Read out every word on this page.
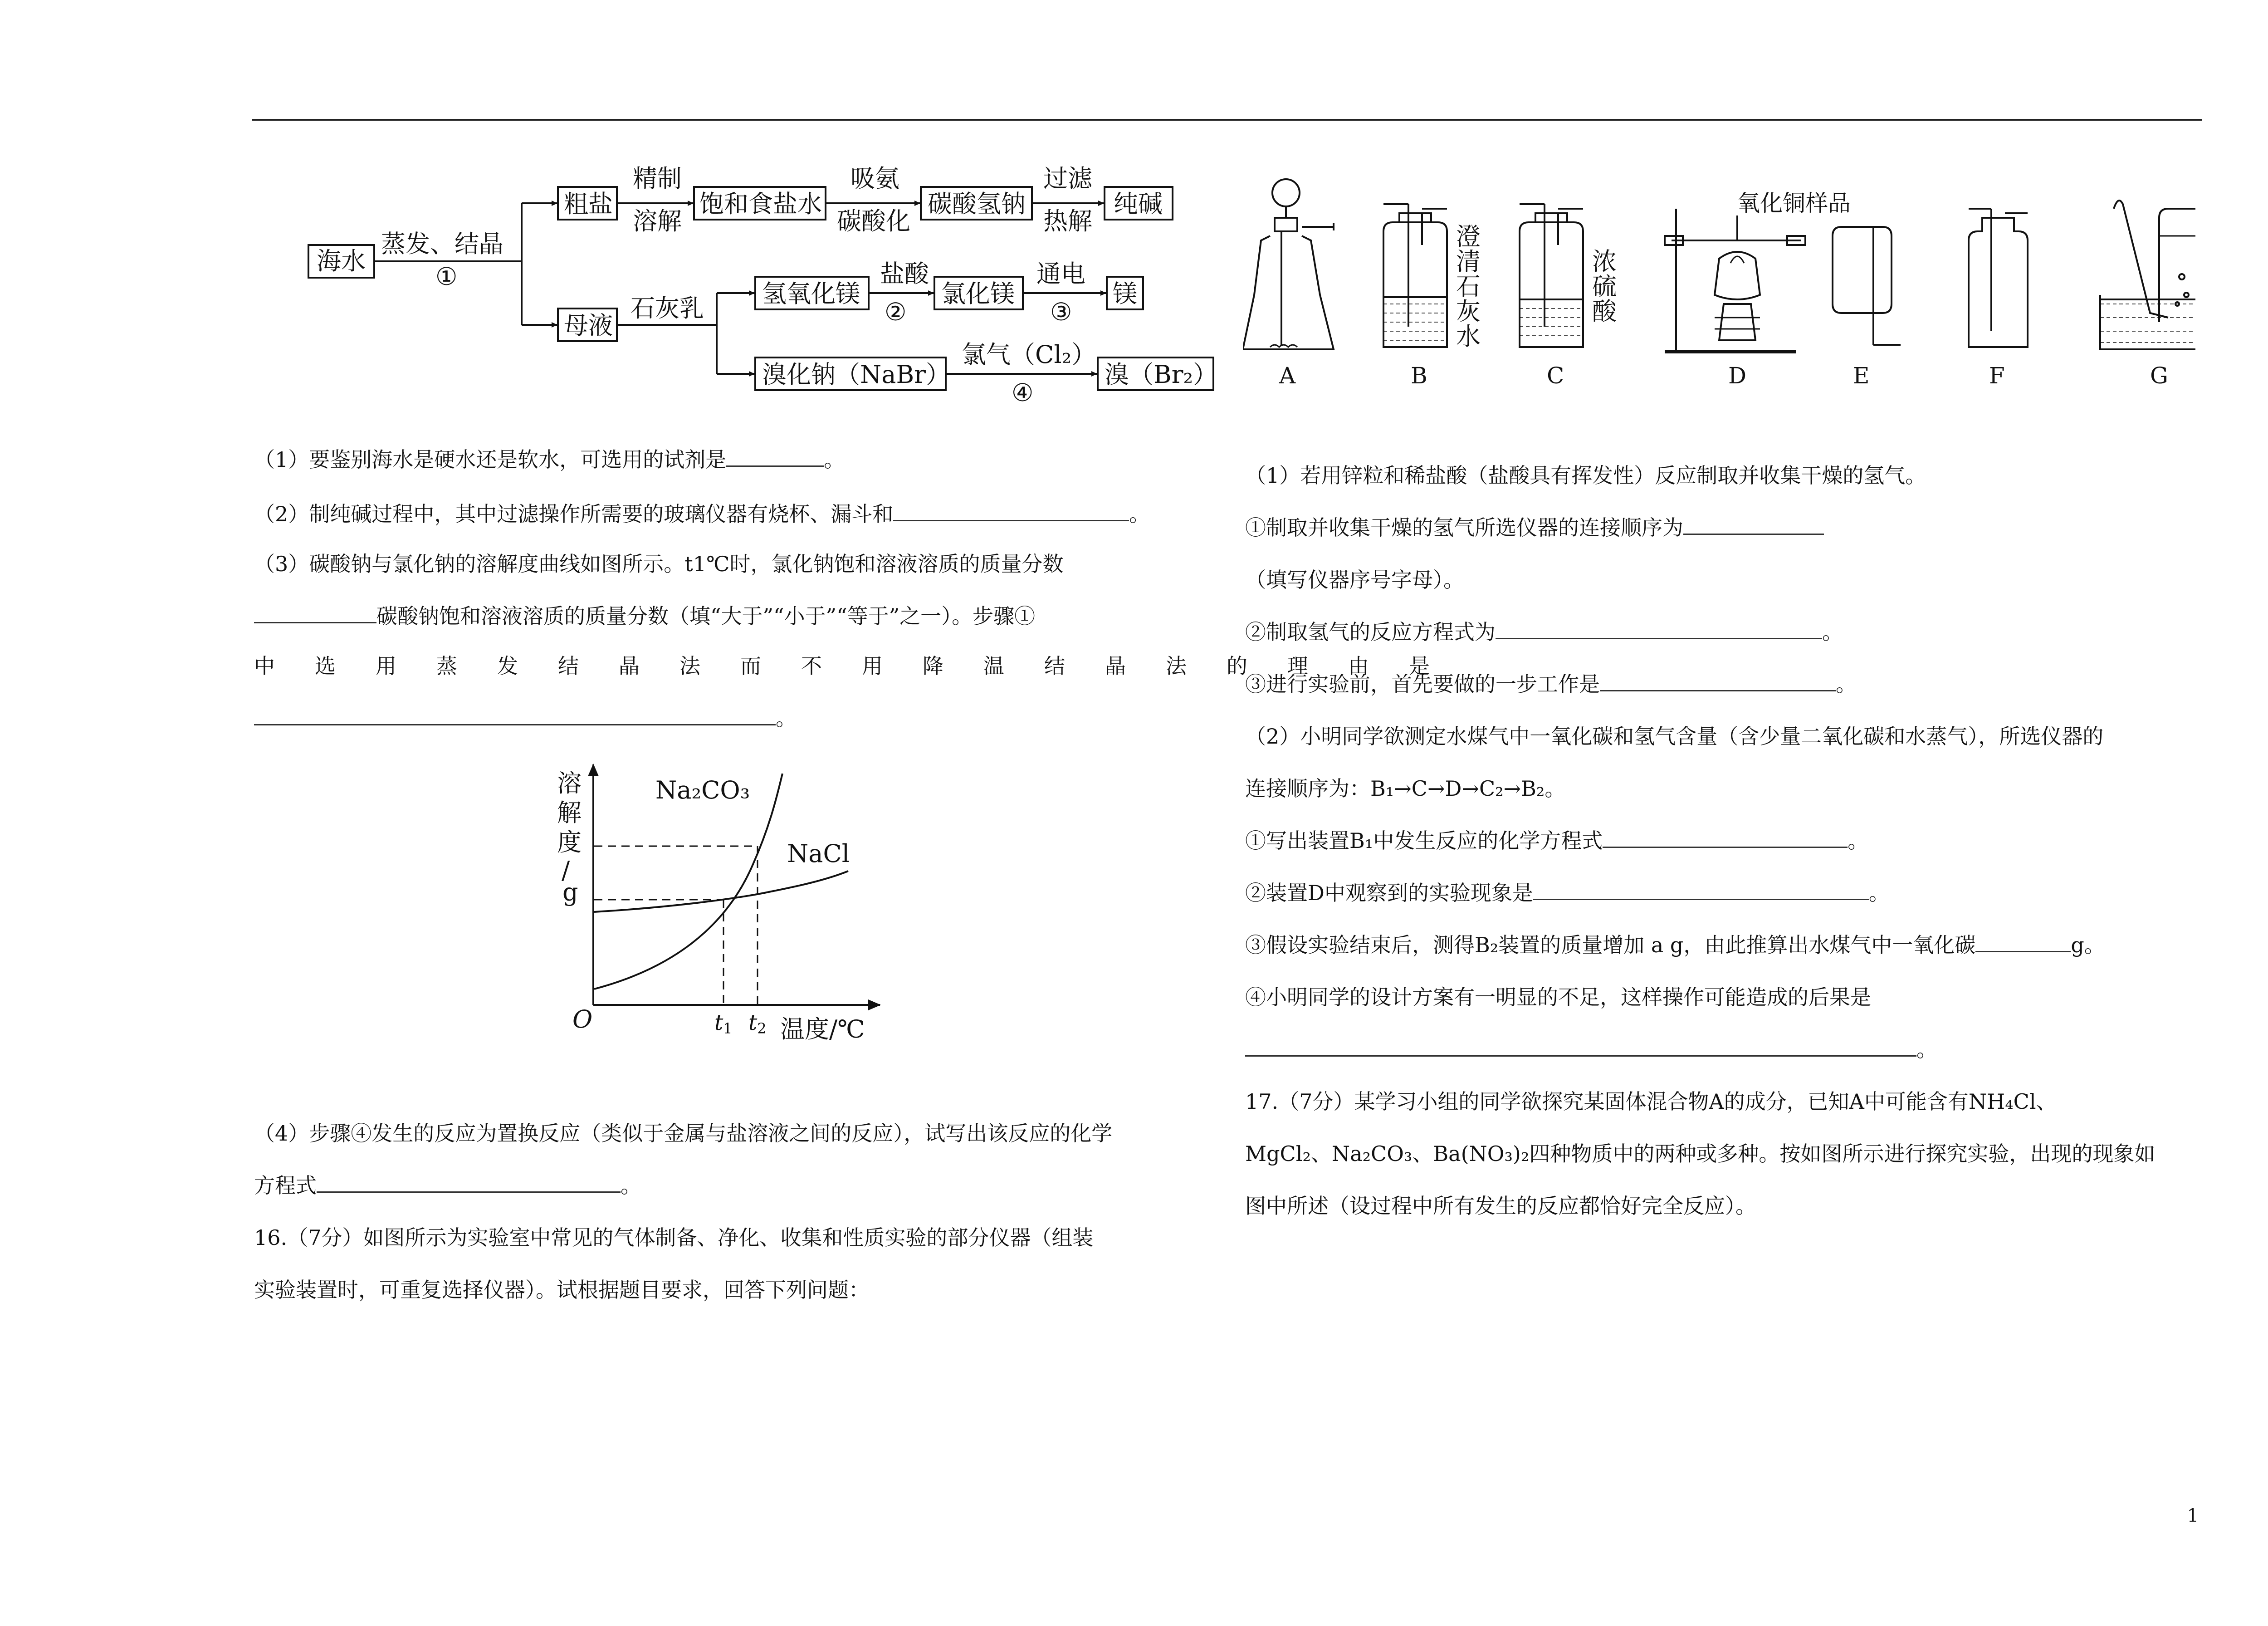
海水
蒸发、结晶
①
粗盐
精制
溶解
饱和食盐水
吸氨
碳酸化
碳酸氢钠
过滤
热解
纯碱
母液
石灰乳
氢氧化镁
盐酸
②
氯化镁
通电
③
镁
溴化钠（NaBr）
氯气（Cl₂）
④
溴（Br₂）
（1）要鉴别海水是硬水还是软水，可选用的试剂是	。
（2）制纯碱过程中，其中过滤操作所需要的玻璃仪器有烧杯、漏斗和	。
（3）碳酸钠与氯化钠的溶解度曲线如图所示。t1℃时，氯化钠饱和溶液溶质的质量分数
碳酸钠饱和溶液溶质的质量分数（填“大于”“小于”“等于”之一）。步骤①
中选用蒸发结晶法而不用降温结晶法的理由是
。
溶
解
度
/
g
O	温度/℃
Na₂CO₃
NaCl
t1 t2
（4）步骤④发生的反应为置换反应（类似于金属与盐溶液之间的反应），试写出该反应的化学
方程式	。
16.（7分）如图所示为实验室中常见的气体制备、净化、收集和性质实验的部分仪器（组装
实验装置时，可重复选择仪器）。试根据题目要求，回答下列问题：
A	B	C	D	E	F	G
氧化铜样品
澄
清
石
灰
水
浓
硫
酸
（1）若用锌粒和稀盐酸（盐酸具有挥发性）反应制取并收集干燥的氢气。
①制取并收集干燥的氢气所选仪器的连接顺序为
（填写仪器序号字母）。
②制取氢气的反应方程式为	。
③进行实验前，首先要做的一步工作是	。
（2）小明同学欲测定水煤气中一氧化碳和氢气含量（含少量二氧化碳和水蒸气），所选仪器的
连接顺序为：B₁→C→D→C₂→B₂。
①写出装置B₁中发生反应的化学方程式	。
②装置D中观察到的实验现象是	。
③假设实验结束后，测得B₂装置的质量增加 a g，由此推算出水煤气中一氧化碳	g。
④小明同学的设计方案有一明显的不足，这样操作可能造成的后果是
。
17.（7分）某学习小组的同学欲探究某固体混合物A的成分，已知A中可能含有NH₄Cl、
MgCl₂、Na₂CO₃、Ba(NO₃)₂四种物质中的两种或多种。按如图所示进行探究实验，出现的现象如
图中所述（设过程中所有发生的反应都恰好完全反应）。
1
